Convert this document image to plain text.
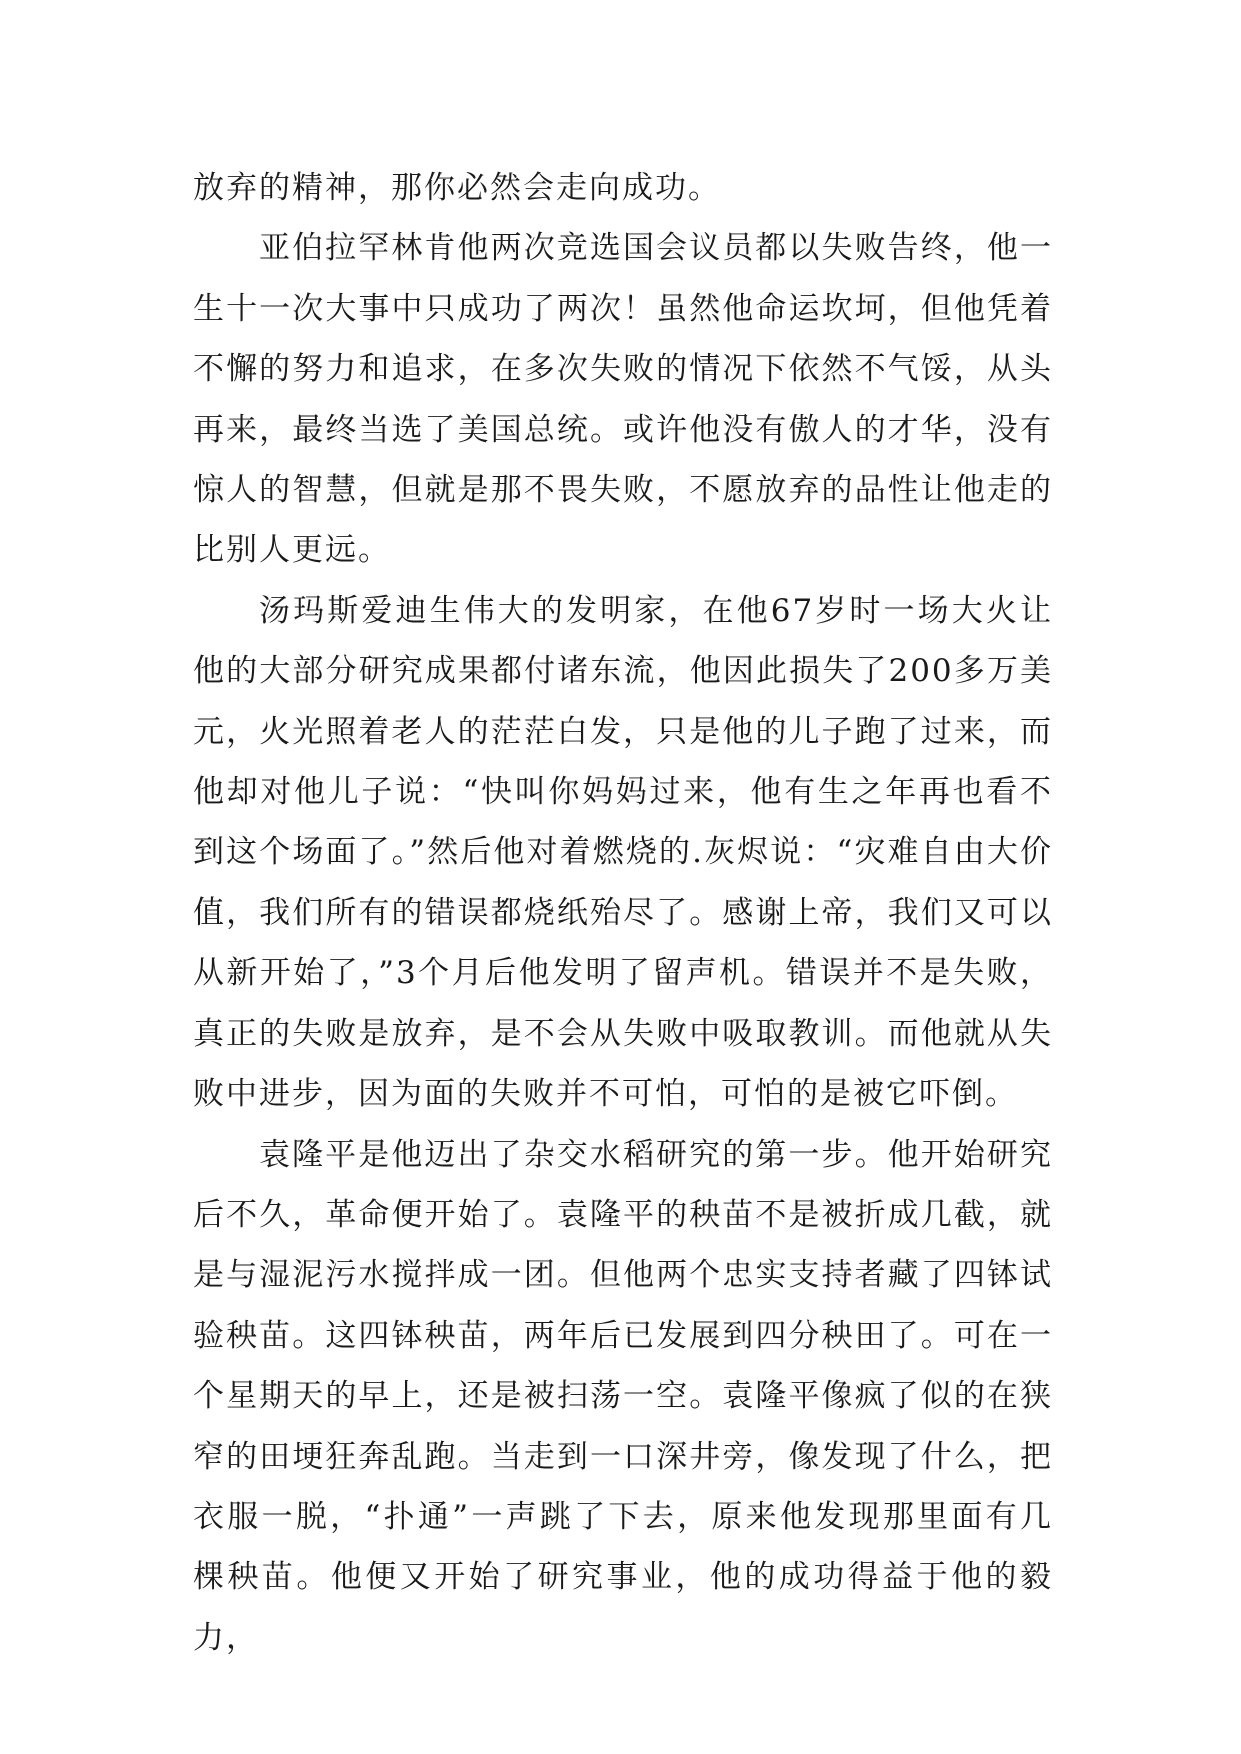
放弃的精神，那你必然会走向成功。

亚伯拉罕林肯他两次竞选国会议员都以失败告终，他一生十一次大事中只成功了两次！虽然他命运坎坷，但他凭着不懈的努力和追求，在多次失败的情况下依然不气馁，从头再来，最终当选了美国总统。或许他没有傲人的才华，没有惊人的智慧，但就是那不畏失败，不愿放弃的品性让他走的比别人更远。

汤玛斯爱迪生伟大的发明家，在他67岁时一场大火让他的大部分研究成果都付诸东流，他因此损失了200多万美元，火光照着老人的茫茫白发，只是他的儿子跑了过来，而他却对他儿子说：“快叫你妈妈过来，他有生之年再也看不到这个场面了。”然后他对着燃烧的.灰烬说：“灾难自由大价值，我们所有的错误都烧纸殆尽了。感谢上帝，我们又可以从新开始了，”3个月后他发明了留声机。错误并不是失败，真正的失败是放弃，是不会从失败中吸取教训。而他就从失败中进步，因为面的失败并不可怕，可怕的是被它吓倒。

袁隆平是他迈出了杂交水稻研究的第一步。他开始研究后不久，革命便开始了。袁隆平的秧苗不是被折成几截，就是与湿泥污水搅拌成一团。但他两个忠实支持者藏了四钵试验秧苗。这四钵秧苗，两年后已发展到四分秧田了。可在一个星期天的早上，还是被扫荡一空。袁隆平像疯了似的在狭窄的田埂狂奔乱跑。当走到一口深井旁，像发现了什么，把衣服一脱，“扑通”一声跳了下去，原来他发现那里面有几棵秧苗。他便又开始了研究事业，他的成功得益于他的毅力，
